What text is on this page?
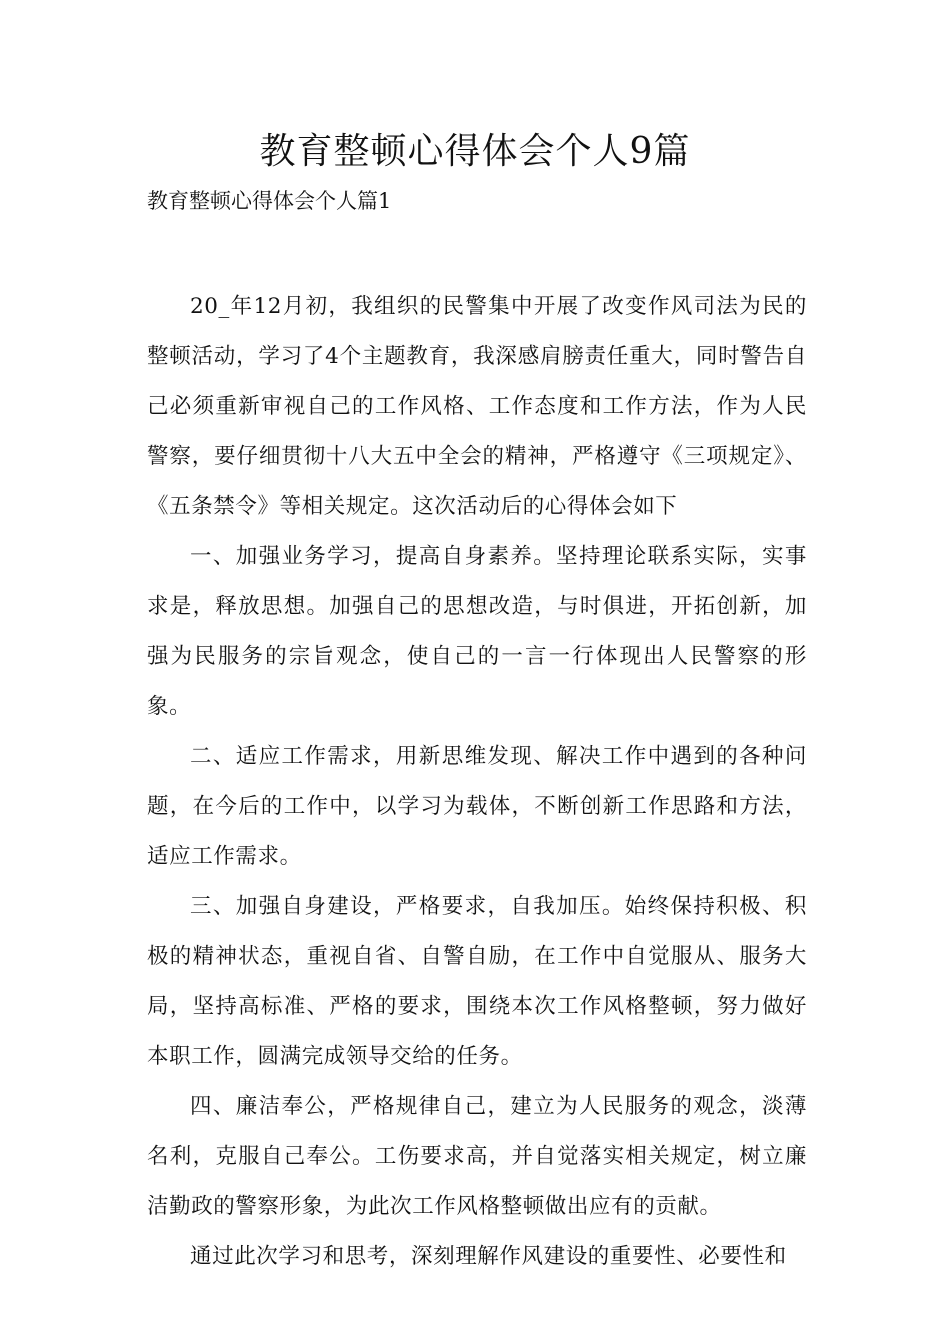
教育整顿心得体会个人9篇
教育整顿心得体会个人篇1

20_年12月初，我组织的民警集中开展了改变作风司法为民的整顿活动，学习了4个主题教育，我深感肩膀责任重大，同时警告自己必须重新审视自己的工作风格、工作态度和工作方法，作为人民警察，要仔细贯彻十八大五中全会的精神，严格遵守《三项规定》、《五条禁令》等相关规定。这次活动后的心得体会如下

一、加强业务学习，提高自身素养。坚持理论联系实际，实事求是，释放思想。加强自己的思想改造，与时俱进，开拓创新，加强为民服务的宗旨观念，使自己的一言一行体现出人民警察的形象。

二、适应工作需求，用新思维发现、解决工作中遇到的各种问题，在今后的工作中，以学习为载体，不断创新工作思路和方法，适应工作需求。

三、加强自身建设，严格要求，自我加压。始终保持积极、积极的精神状态，重视自省、自警自励，在工作中自觉服从、服务大局，坚持高标准、严格的要求，围绕本次工作风格整顿，努力做好本职工作，圆满完成领导交给的任务。

四、廉洁奉公，严格规律自己，建立为人民服务的观念，淡薄名利，克服自己奉公。工伤要求高，并自觉落实相关规定，树立廉洁勤政的警察形象，为此次工作风格整顿做出应有的贡献。

通过此次学习和思考，深刻理解作风建设的重要性、必要性和
